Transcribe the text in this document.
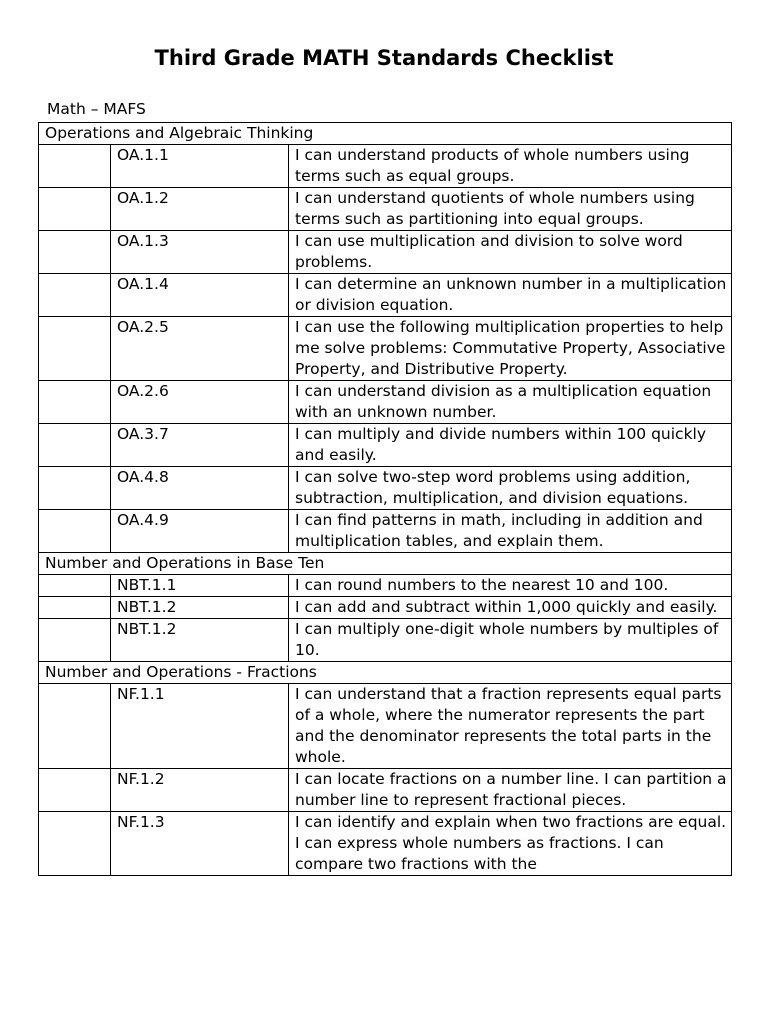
Third Grade MATH Standards Checklist
Math – MAFS
Operations and Algebraic Thinking		
	OA.1.1	I can understand products of whole numbers using terms such as equal groups.
	OA.1.2	I can understand quotients of whole numbers using terms such as partitioning into equal groups.
	OA.1.3	I can use multiplication and division to solve word problems.
	OA.1.4	I can determine an unknown number in a multiplication or division equation.
	OA.2.5	I can use the following multiplication properties to help me solve problems: Commutative Property, Associative Property, and Distributive Property.
	OA.2.6	I can understand division as a multiplication equation with an unknown number.
	OA.3.7	I can multiply and divide numbers within 100 quickly and easily.
	OA.4.8	I can solve two-step word problems using addition, subtraction, multiplication, and division equations.
	OA.4.9	I can find patterns in math, including in addition and multiplication tables, and explain them.
Number and Operations in Base Ten		
	NBT.1.1	I can round numbers to the nearest 10 and 100.
	NBT.1.2	I can add and subtract within 1,000 quickly and easily.
	NBT.1.2	I can multiply one-digit whole numbers by multiples of 10.
Number and Operations - Fractions		
	NF.1.1	I can understand that a fraction represents equal parts of a whole, where the numerator represents the part and the denominator represents the total parts in the whole.
	NF.1.2	I can locate fractions on a number line. I can partition a number line to represent fractional pieces.
	NF.1.3	I can identify and explain when two fractions are equal. I can express whole numbers as fractions. I can compare two fractions with the
